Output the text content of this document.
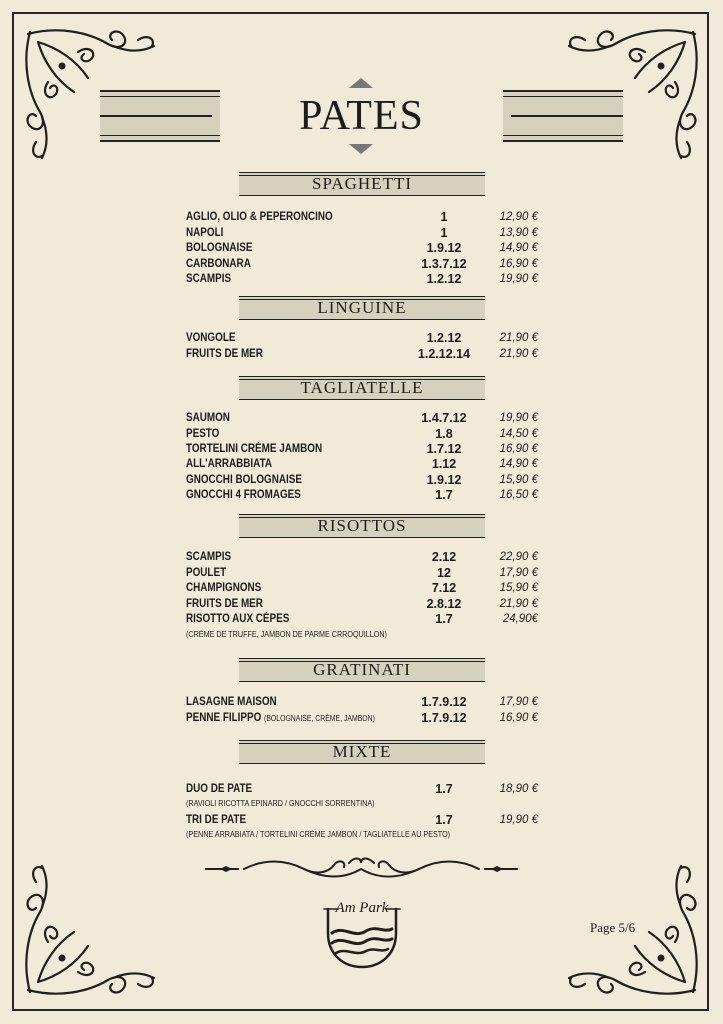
PATES
SPAGHETTI
AGLIO, OLIO & PEPERONCINO	1	12,90 €
NAPOLI	1	13,90 €
BOLOGNAISE	1.9.12	14,90 €
CARBONARA	1.3.7.12	16,90 €
SCAMPIS	1.2.12	19,90 €
LINGUINE
VONGOLE	1.2.12	21,90 €
FRUITS DE MER	1.2.12.14	21,90 €
TAGLIATELLE
SAUMON	1.4.7.12	19,90 €
PESTO	1.8	14,50 €
TORTELINI CRÈME JAMBON	1.7.12	16,90 €
ALL'ARRABBIATA	1.12	14,90 €
GNOCCHI BOLOGNAISE	1.9.12	15,90 €
GNOCCHI 4 FROMAGES	1.7	16,50 €
RISOTTOS
SCAMPIS	2.12	22,90 €
POULET	12	17,90 €
CHAMPIGNONS	7.12	15,90 €
FRUITS DE MER	2.8.12	21,90 €
RISOTTO AUX CÈPES	1.7	24,90€
(CRÈME DE TRUFFE, JAMBON DE PARME CRROQUILLON)
GRATINATI
LASAGNE MAISON	1.7.9.12	17,90 €
PENNE FILIPPO (BOLOGNAISE, CRÈME, JAMBON)	1.7.9.12	16,90 €
MIXTE
DUO DE PATE	1.7	18,90 €
(RAVIOLI RICOTTA EPINARD / GNOCCHI SORRENTINA)
TRI DE PATE	1.7	19,90 €
(PENNE ARRABIATA / TORTELINI CRÈME JAMBON / TAGLIATELLE AU PESTO)
Am Park
Page 5/6
